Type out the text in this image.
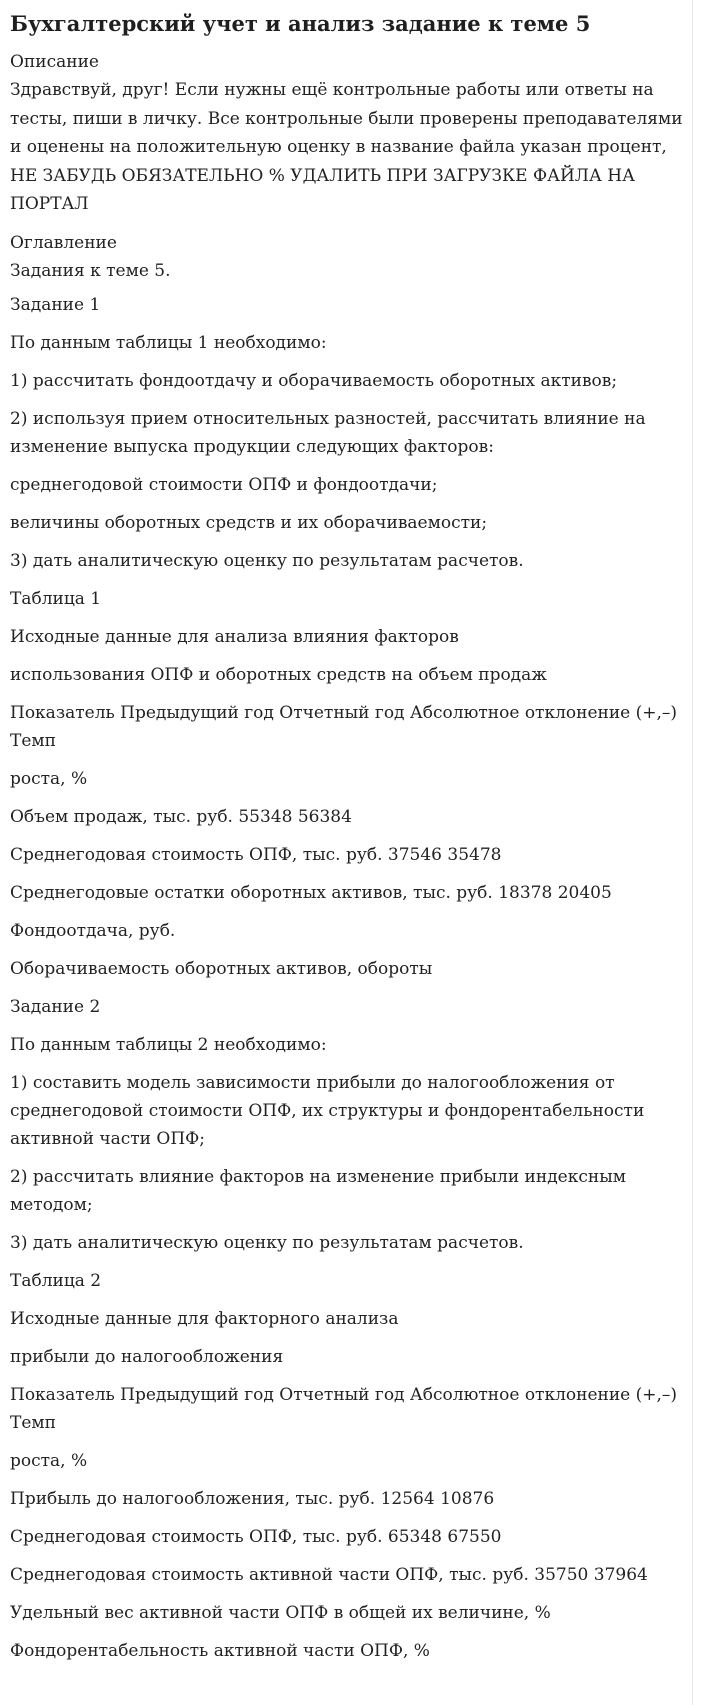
Бухгалтерский учет и анализ задание к теме 5
Описание

Здравствуй, друг! Если нужны ещё контрольные работы или ответы на тесты, пиши в личку. Все контрольные были проверены преподавателями и оценены на положительную оценку в название файла указан процент, НЕ ЗАБУДЬ ОБЯЗАТЕЛЬНО % УДАЛИТЬ ПРИ ЗАГРУЗКЕ ФАЙЛА НА ПОРТАЛ

Оглавление
Задания к теме 5.

Задание 1

По данным таблицы 1 необходимо:

1) рассчитать фондоотдачу и оборачиваемость оборотных активов;

2) используя прием относительных разностей, рассчитать влияние на изменение выпуска продукции следующих факторов:

среднегодовой стоимости ОПФ и фондоотдачи;

величины оборотных средств и их оборачиваемости;

3) дать аналитическую оценку по результатам расчетов.

Таблица 1

Исходные данные для анализа влияния факторов

использования ОПФ и оборотных средств на объем продаж

Показатель Предыдущий год Отчетный год Абсолютное отклонение (+,–) Темп

роста, %

Объем продаж, тыс. руб. 55348 56384

Среднегодовая стоимость ОПФ, тыс. руб. 37546 35478

Среднегодовые остатки оборотных активов, тыс. руб. 18378 20405

Фондоотдача, руб.

Оборачиваемость оборотных активов, обороты

Задание 2

По данным таблицы 2 необходимо:

1) составить модель зависимости прибыли до налогообложения от среднегодовой стоимости ОПФ, их структуры и фондорентабельности активной части ОПФ;

2) рассчитать влияние факторов на изменение прибыли индексным методом;

3) дать аналитическую оценку по результатам расчетов.

Таблица 2

Исходные данные для факторного анализа

прибыли до налогообложения

Показатель Предыдущий год Отчетный год Абсолютное отклонение (+,–) Темп

роста, %

Прибыль до налогообложения, тыс. руб. 12564 10876

Среднегодовая стоимость ОПФ, тыс. руб. 65348 67550

Среднегодовая стоимость активной части ОПФ, тыс. руб. 35750 37964

Удельный вес активной части ОПФ в общей их величине, %

Фондорентабельность активной части ОПФ, %
